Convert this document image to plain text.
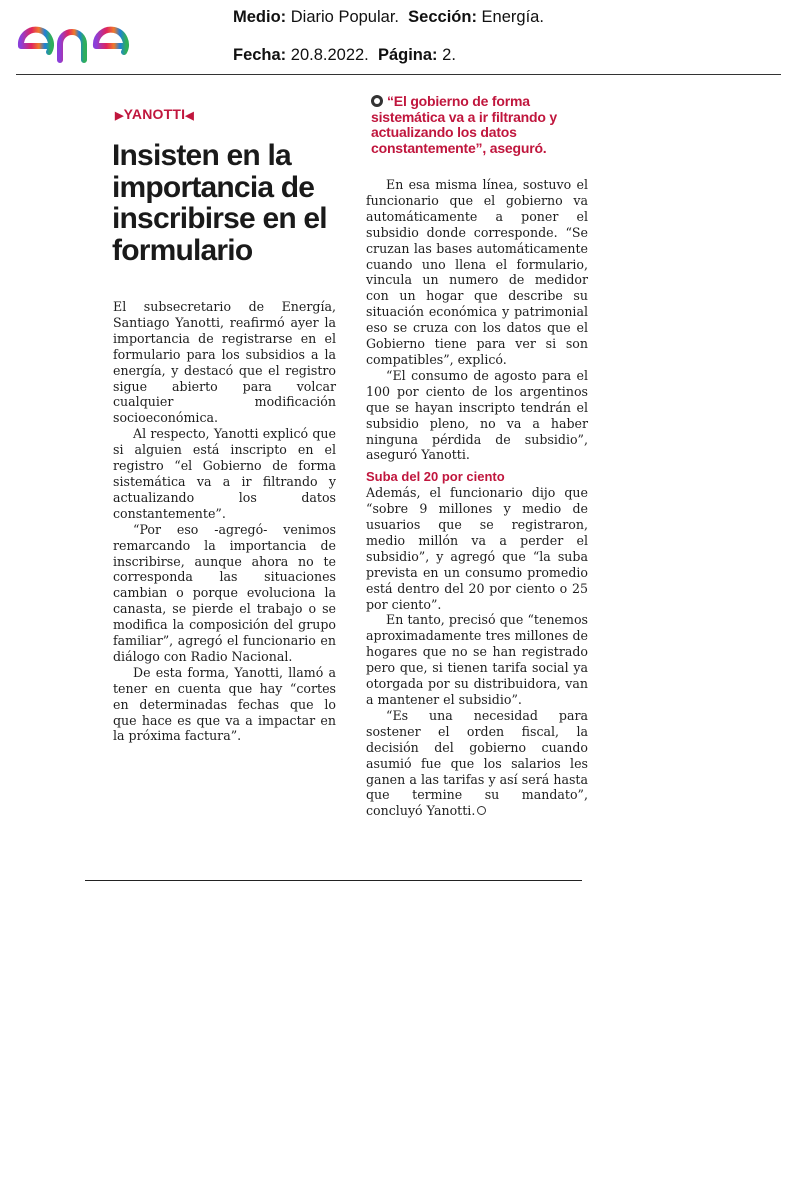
Medio: Diario Popular. Sección: Energía.
Fecha: 20.8.2022. Página: 2.
▶YANOTTI◀
Insisten en la importancia de inscribirse en el formulario

El subsecretario de Energía, Santiago Yanotti, reafirmó ayer la importancia de registrarse en el formulario para los subsidios a la energía, y destacó que el registro sigue abierto para volcar cualquier modificación socioeconómica.

Al respecto, Yanotti explicó que si alguien está inscripto en el registro “el Gobierno de forma sistemática va a ir filtrando y actualizando los datos constantemente”.

“Por eso -agregó- venimos remarcando la importancia de inscribirse, aunque ahora no te corresponda las situaciones cambian o porque evoluciona la canasta, se pierde el trabajo o se modifica la composición del grupo familiar”, agregó el funcionario en diálogo con Radio Nacional.

De esta forma, Yanotti, llamó a tener en cuenta que hay “cortes en determinadas fechas que lo que hace es que va a impactar en la próxima factura”.

“El gobierno de forma sistemática va a ir filtrando y actualizando los datos constantemente”, aseguró.

En esa misma línea, sostuvo el funcionario que el gobierno va automáticamente a poner el subsidio donde corresponde. “Se cruzan las bases automáticamente cuando uno llena el formulario, vincula un numero de medidor con un hogar que describe su situación económica y patrimonial eso se cruza con los datos que el Gobierno tiene para ver si son compatibles”, explicó.

“El consumo de agosto para el 100 por ciento de los argentinos que se hayan inscripto tendrán el subsidio pleno, no va a haber ninguna pérdida de subsidio”, aseguró Yanotti.

Suba del 20 por ciento

Además, el funcionario dijo que “sobre 9 millones y medio de usuarios que se registraron, medio millón va a perder el subsidio”, y agregó que “la suba prevista en un consumo promedio está dentro del 20 por ciento o 25 por ciento”.

En tanto, precisó que “tenemos aproximadamente tres millones de hogares que no se han registrado pero que, si tienen tarifa social ya otorgada por su distribuidora, van a mantener el subsidio”.

“Es una necesidad para sostener el orden fiscal, la decisión del gobierno cuando asumió fue que los salarios les ganen a las tarifas y así será hasta que termine su mandato”, concluyó Yanotti.
